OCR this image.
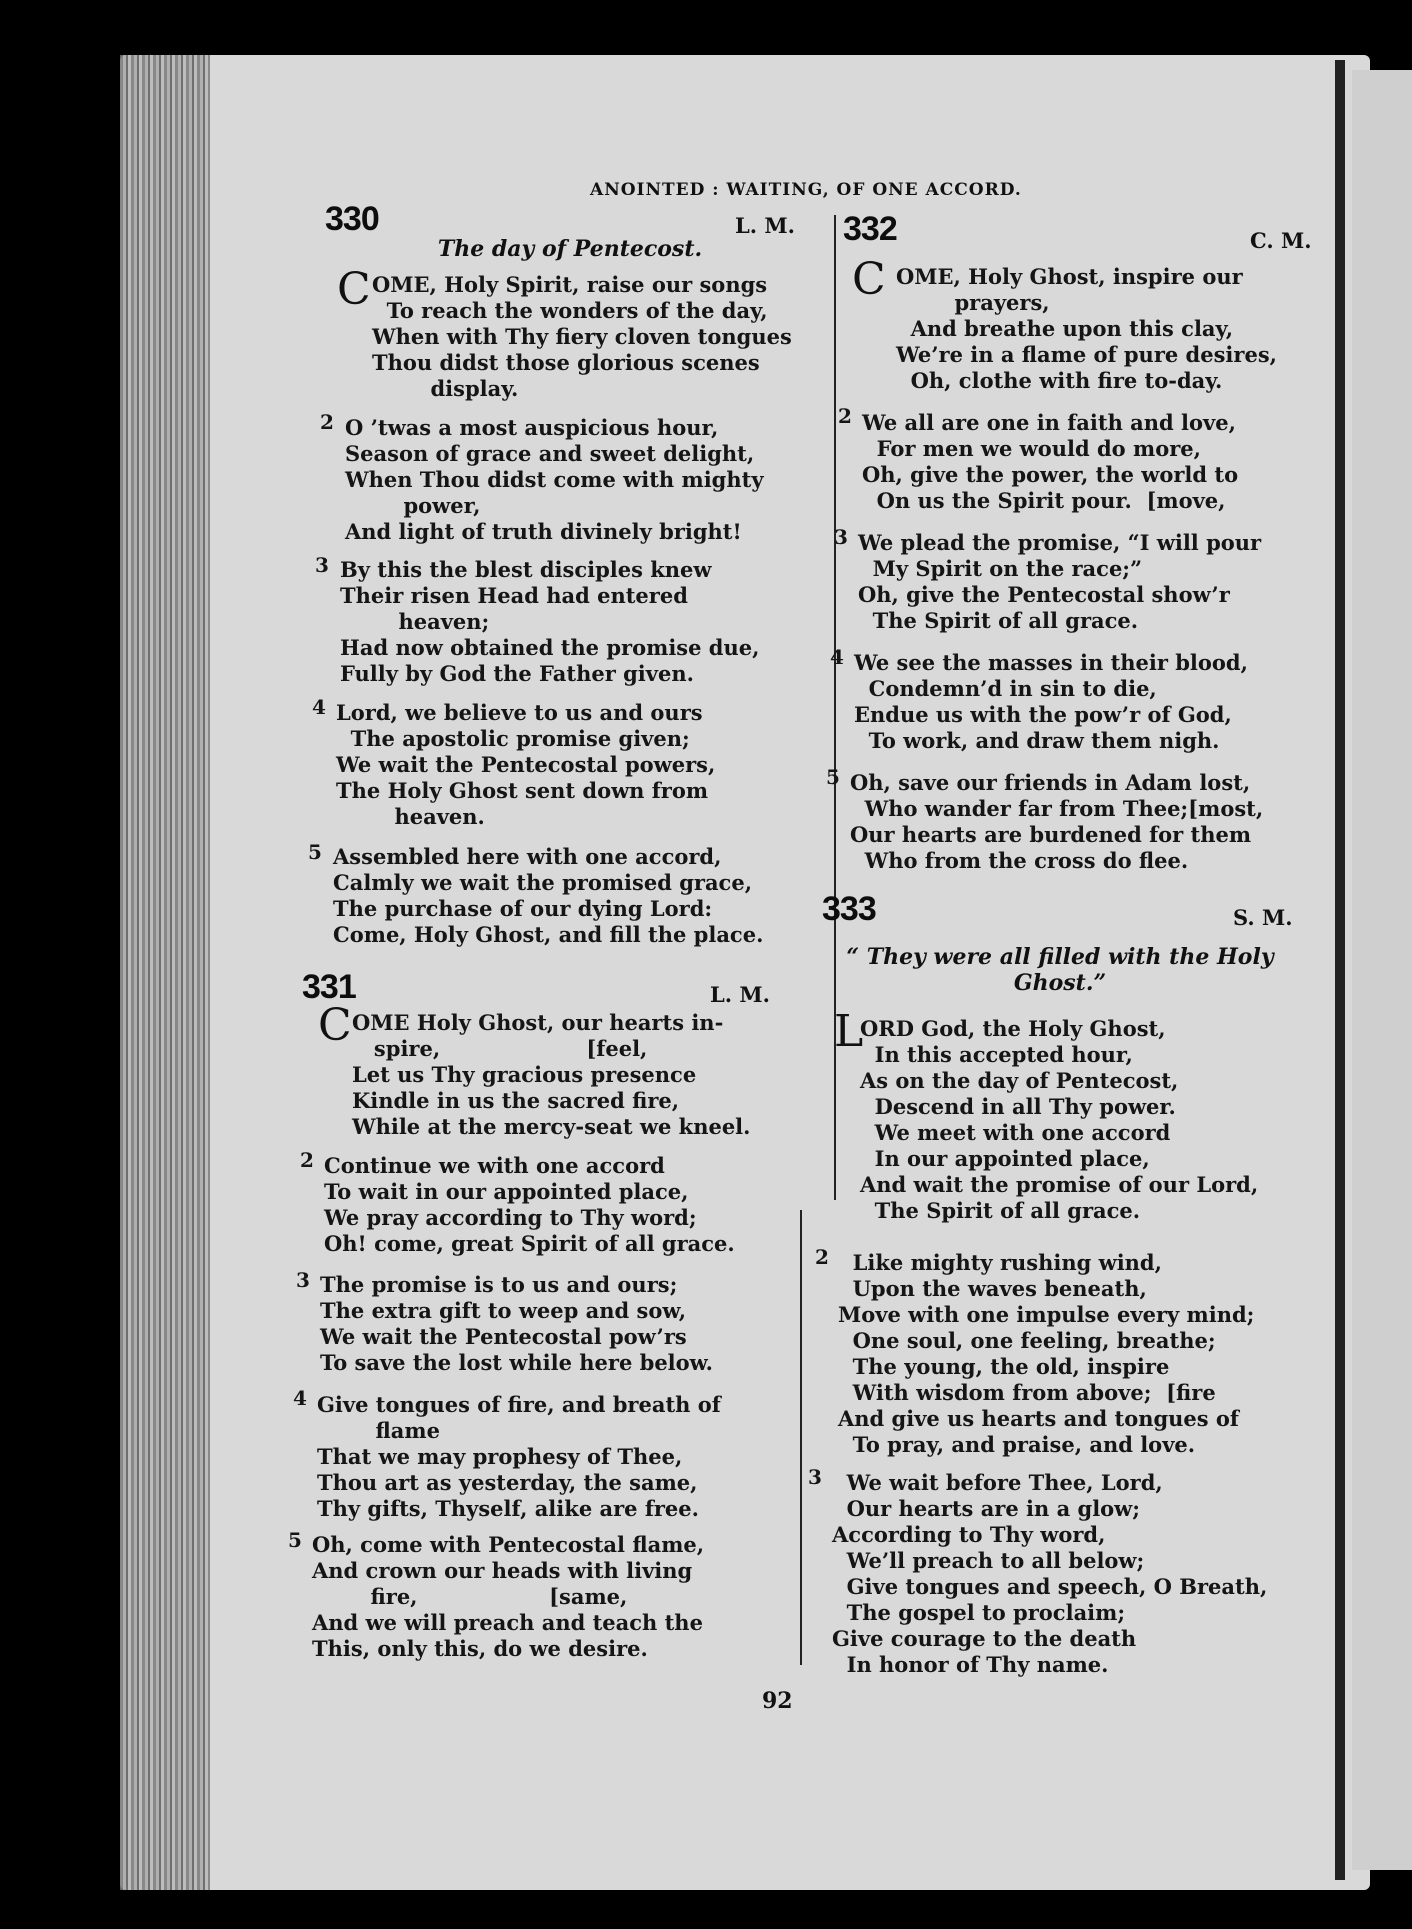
ANOINTED : WAITING, OF ONE ACCORD.
330	L. M.
The day of Pentecost.
C OME, Holy Spirit, raise our songs
To reach the wonders of the day,
When with Thy fiery cloven tongues
Thou didst those glorious scenes
display.
2 O ’twas a most auspicious hour,
Season of grace and sweet delight,
When Thou didst come with mighty
power,
And light of truth divinely bright!
3 By this the blest disciples knew
Their risen Head had entered
heaven;
Had now obtained the promise due,
Fully by God the Father given.
4 Lord, we believe to us and ours
The apostolic promise given;
We wait the Pentecostal powers,
The Holy Ghost sent down from
heaven.
5 Assembled here with one accord,
Calmly we wait the promised grace,
The purchase of our dying Lord:
Come, Holy Ghost, and fill the place.
331	L. M.
C OME Holy Ghost, our hearts in-
spire,                    [feel,
Let us Thy gracious presence
Kindle in us the sacred fire,
While at the mercy-seat we kneel.
2 Continue we with one accord
To wait in our appointed place,
We pray according to Thy word;
Oh! come, great Spirit of all grace.
3 The promise is to us and ours;
The extra gift to weep and sow,
We wait the Pentecostal pow’rs
To save the lost while here below.
4 Give tongues of fire, and breath of
flame
That we may prophesy of Thee,
Thou art as yesterday, the same,
Thy gifts, Thyself, alike are free.
5 Oh, come with Pentecostal flame,
And crown our heads with living
fire,                  [same,
And we will preach and teach the
This, only this, do we desire.
332	C. M.
C OME, Holy Ghost, inspire our
prayers,
And breathe upon this clay,
We’re in a flame of pure desires,
Oh, clothe with fire to-day.
2 We all are one in faith and love,
For men we would do more,
Oh, give the power, the world to
On us the Spirit pour.  [move,
3 We plead the promise, “I will pour
My Spirit on the race;”
Oh, give the Pentecostal show’r
The Spirit of all grace.
4 We see the masses in their blood,
Condemn’d in sin to die,
Endue us with the pow’r of God,
To work, and draw them nigh.
5 Oh, save our friends in Adam lost,
Who wander far from Thee;[most,
Our hearts are burdened for them
Who from the cross do flee.
333	S. M.
“ They were all filled with the Holy
Ghost.”
L
ORD God, the Holy Ghost,
In this accepted hour,
As on the day of Pentecost,
Descend in all Thy power.
We meet with one accord
In our appointed place,
And wait the promise of our Lord,
The Spirit of all grace.
2	Like mighty rushing wind,
Upon the waves beneath,
Move with one impulse every mind;
One soul, one feeling, breathe;
The young, the old, inspire
With wisdom from above;  [fire
And give us hearts and tongues of
To pray, and praise, and love.
3	We wait before Thee, Lord,
Our hearts are in a glow;
According to Thy word,
We’ll preach to all below;
Give tongues and speech, O Breath,
The gospel to proclaim;
Give courage to the death
In honor of Thy name.
92
